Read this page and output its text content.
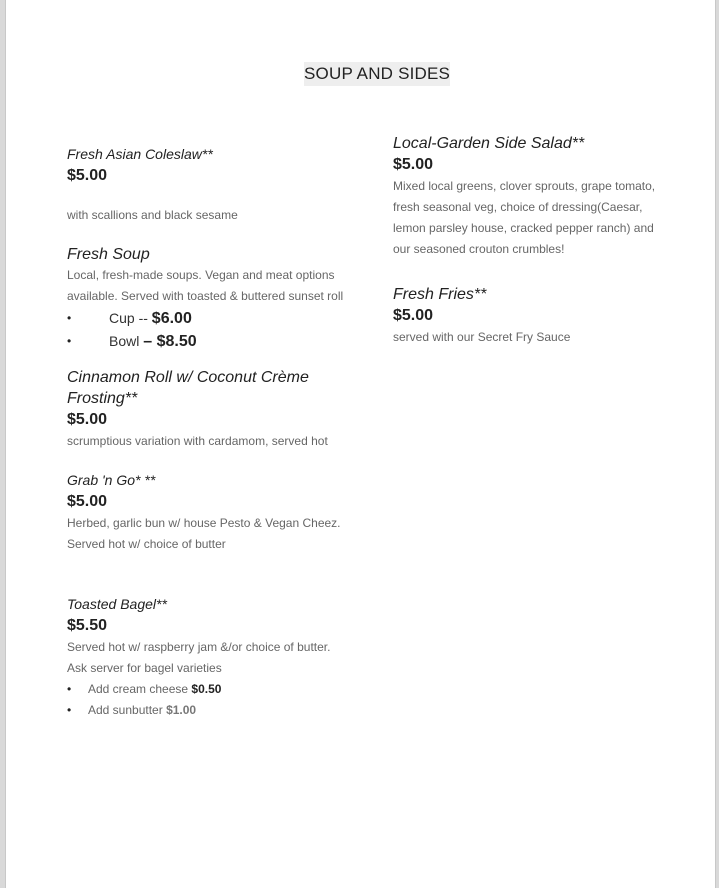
SOUP AND SIDES

Fresh Asian Coleslaw**

$5.00

with scallions and black sesame

Fresh Soup

Local, fresh-made soups. Vegan and meat options

available. Served with toasted & buttered sunset roll

• Cup -- $6.00
• Bowl – $8.50

Cinnamon Roll w/ Coconut Crème

Frosting**

$5.00

scrumptious variation with cardamom, served hot

Grab 'n Go* **

$5.00

Herbed, garlic bun w/ house Pesto & Vegan Cheez.

Served hot w/ choice of butter

Toasted Bagel**

$5.50

Served hot w/ raspberry jam &/or choice of butter.

Ask server for bagel varieties

• Add cream cheese $0.50
• Add sunbutter $1.00

Local-Garden Side Salad**

$5.00

Mixed local greens, clover sprouts, grape tomato,

fresh seasonal veg, choice of dressing(Caesar,

lemon parsley house, cracked pepper ranch) and

our seasoned crouton crumbles!

Fresh Fries**

$5.00

served with our Secret Fry Sauce
